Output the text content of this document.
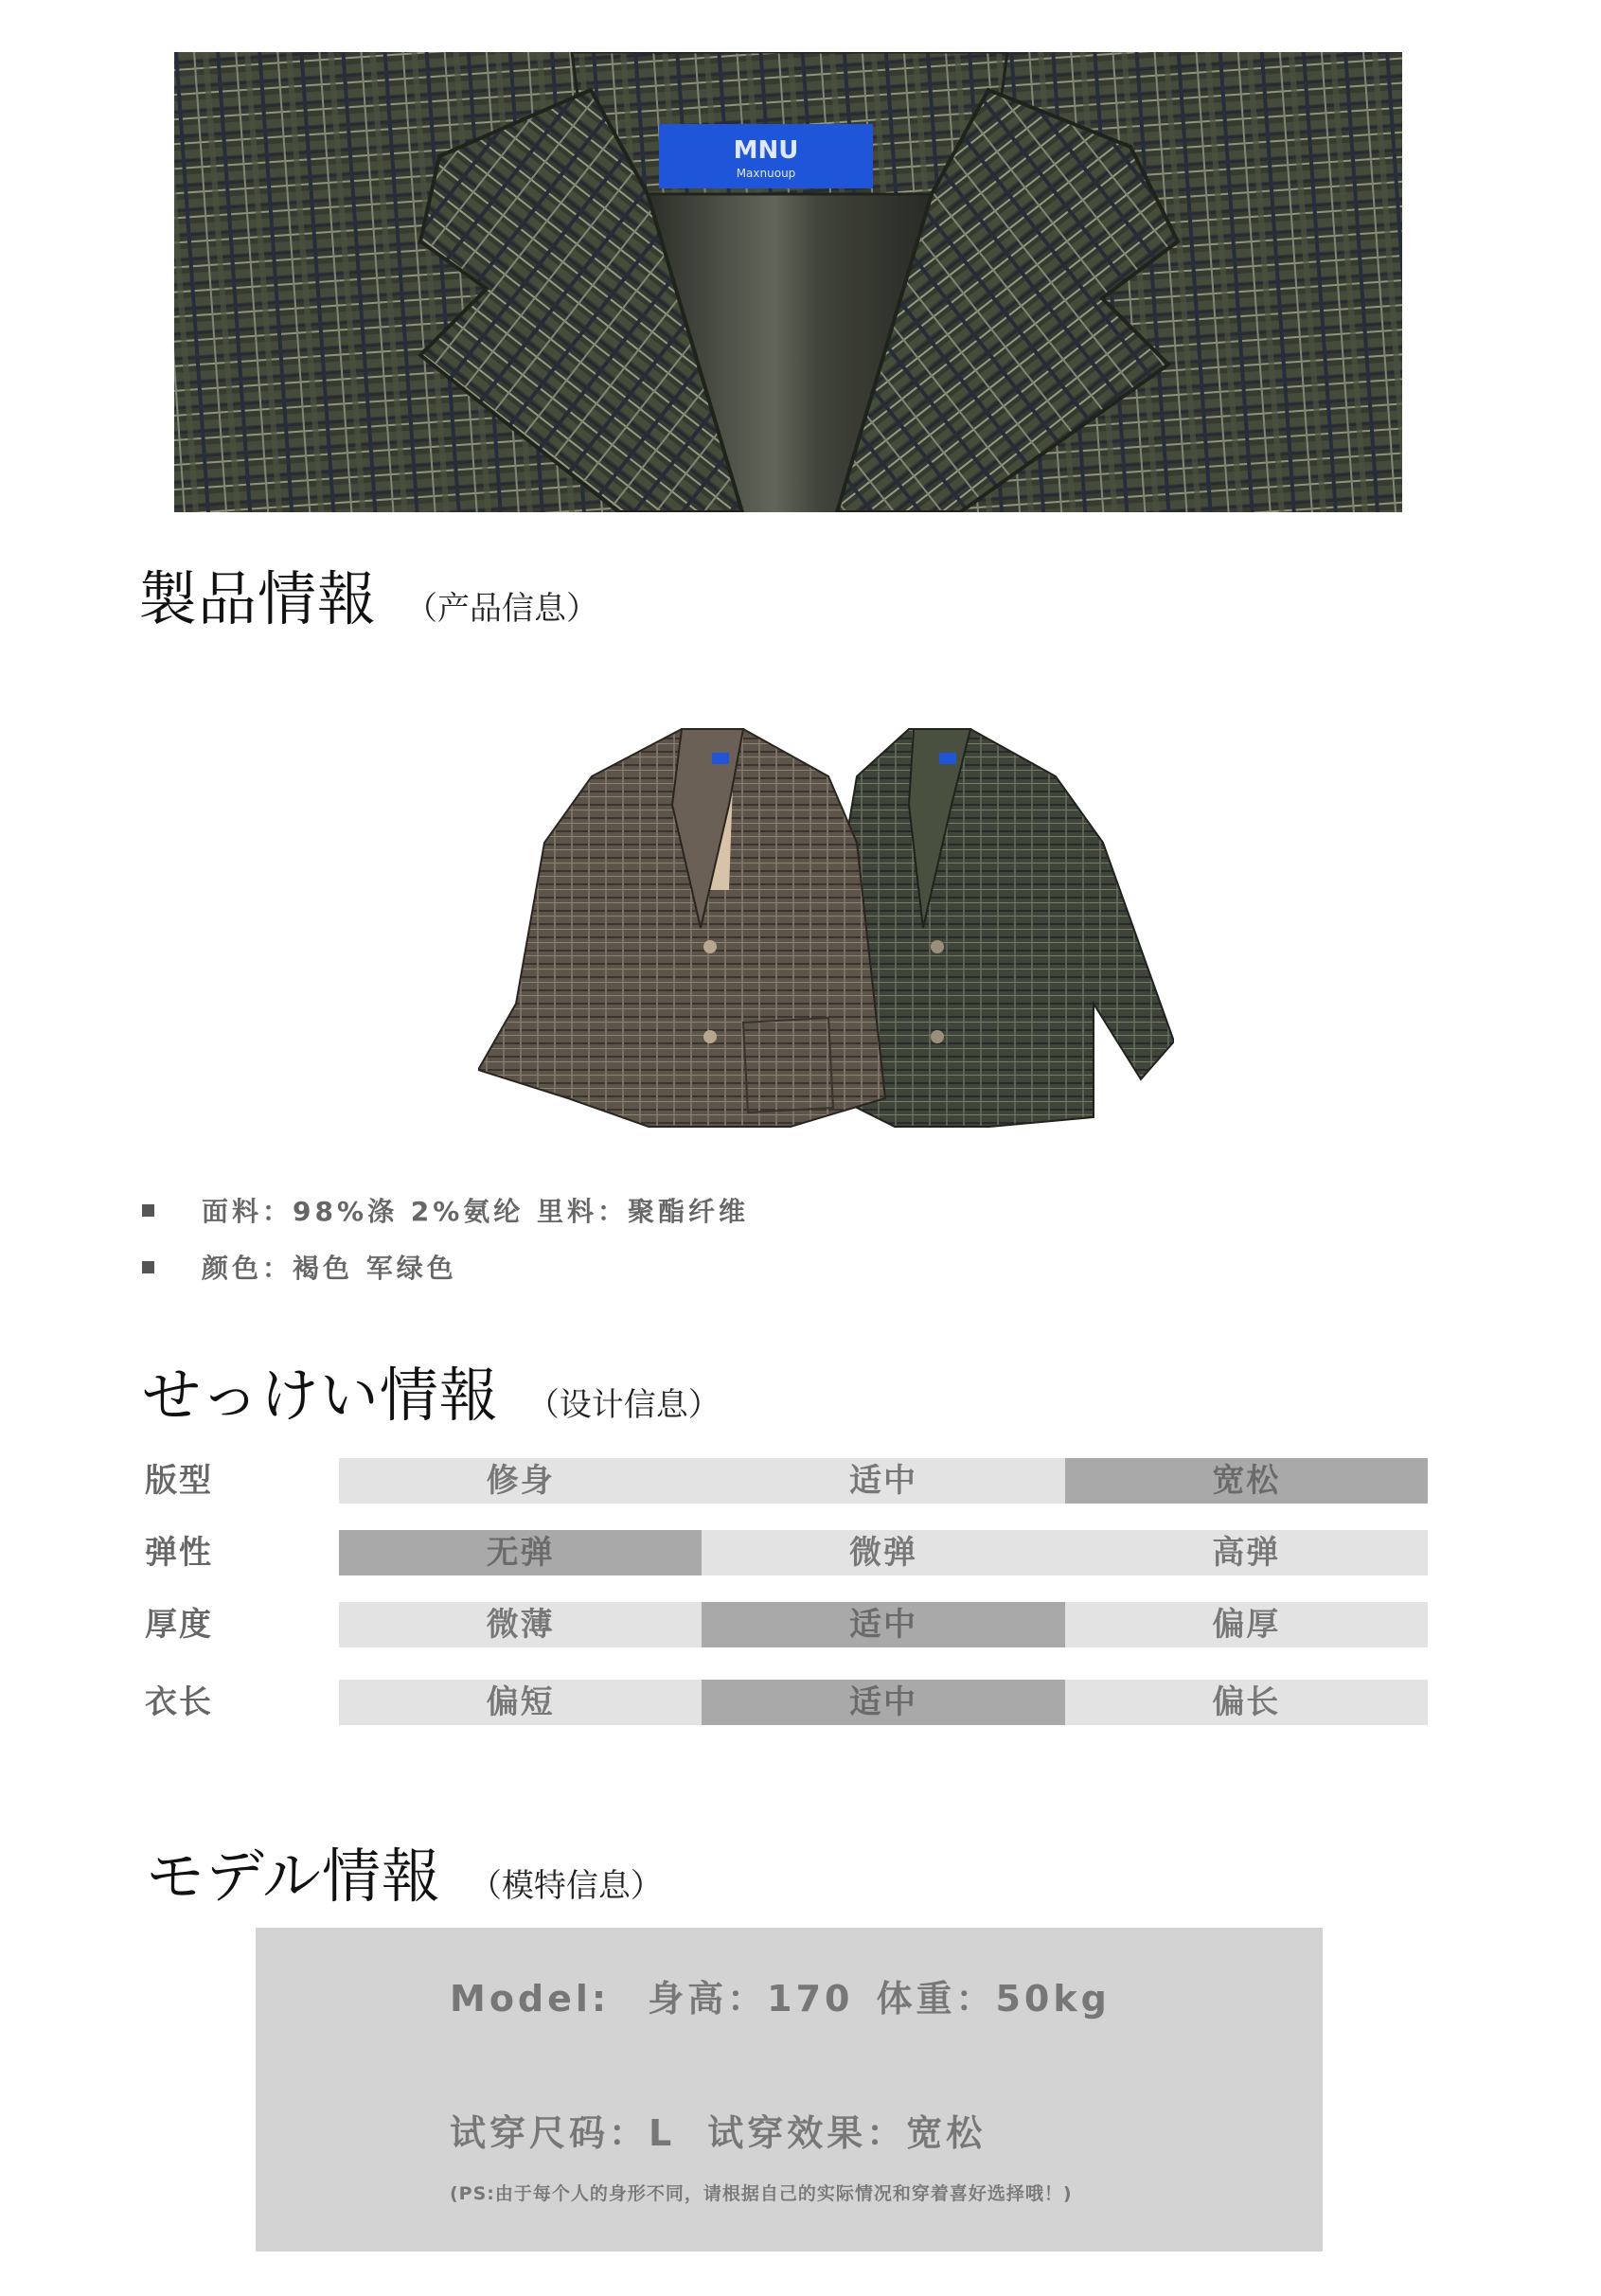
MNU
Maxnuoup
製品情報 （产品信息）
面料：98%涤 2%氨纶 里料：聚酯纤维
颜色：褐色 军绿色
せっけい情報 （设计信息）
版型	修身	适中	宽松
弹性	无弹	微弹	高弹
厚度	微薄	适中	偏厚
衣长	偏短	适中	偏长
モデル情報 （模特信息）
Model: 身高：170 体重：50kg
试穿尺码：L 试穿效果：宽松
(PS:由于每个人的身形不同，请根据自己的实际情况和穿着喜好选择哦！)
